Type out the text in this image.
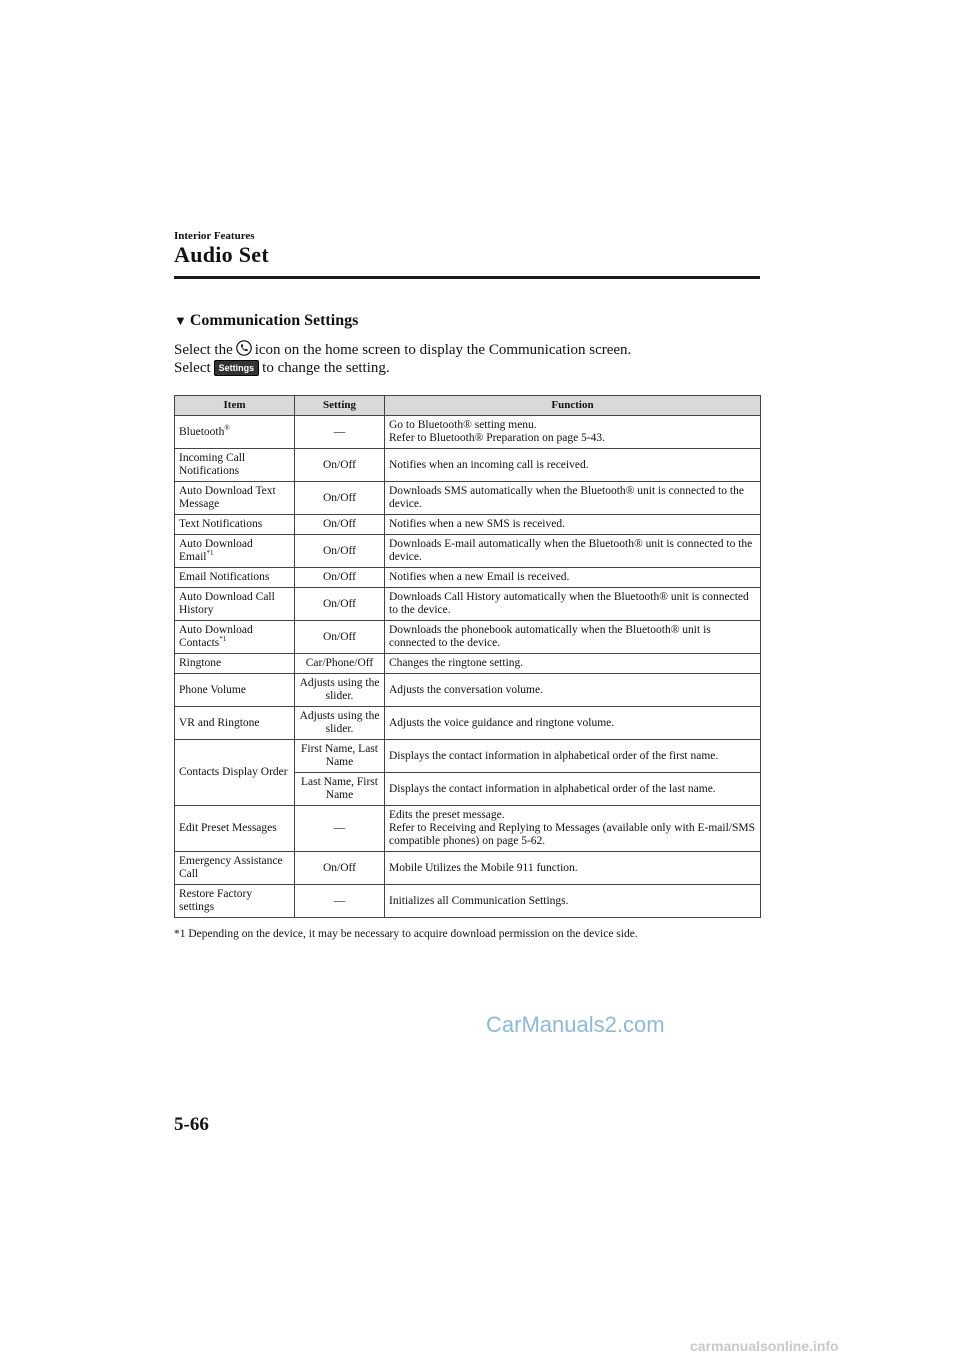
Interior Features
Audio Set
▼ Communication Settings

Select the icon on the home screen to display the Communication screen.

Select Settings to change the setting.

Item	Setting	Function
Bluetooth®	—	Go to Bluetooth® setting menu.
Refer to Bluetooth® Preparation on page 5-43.

Incoming Call Notifications	On/Off	Notifies when an incoming call is received.
Auto Download Text Message	On/Off	Downloads SMS automatically when the Bluetooth® unit is connected to the device.
Text Notifications	On/Off	Notifies when a new SMS is received.
Auto Download Email$^{*1}$	On/Off	Downloads E-mail automatically when the Bluetooth® unit is connected to the device.
Email Notifications	On/Off	Notifies when a new Email is received.
Auto Download Call History	On/Off	Downloads Call History automatically when the Bluetooth® unit is connected to the device.
Auto Download Contacts$^{*1}$	On/Off	Downloads the phonebook automatically when the Bluetooth® unit is connected to the device.
Ringtone	Car/Phone/Off	Changes the ringtone setting.
Phone Volume	Adjusts using the slider.	Adjusts the conversation volume.
VR and Ringtone	Adjusts using the slider.	Adjusts the voice guidance and ringtone volume.
Contacts Display Order	First Name, Last Name	Displays the contact information in alphabetical order of the first name.
	Last Name, First Name	Displays the contact information in alphabetical order of the last name.
Edit Preset Messages	—	Edits the preset message.
Refer to Receiving and Replying to Messages (available only with E-mail/SMS compatible phones) on page 5-62.

Emergency Assistance Call	On/Off	Mobile Utilizes the Mobile 911 function.
Restore Factory settings	—	Initializes all Communication Settings.
*1 Depending on the device, it may be necessary to acquire download permission on the device side.
CarManuals2.com
5-66
carmanualsonline.info
